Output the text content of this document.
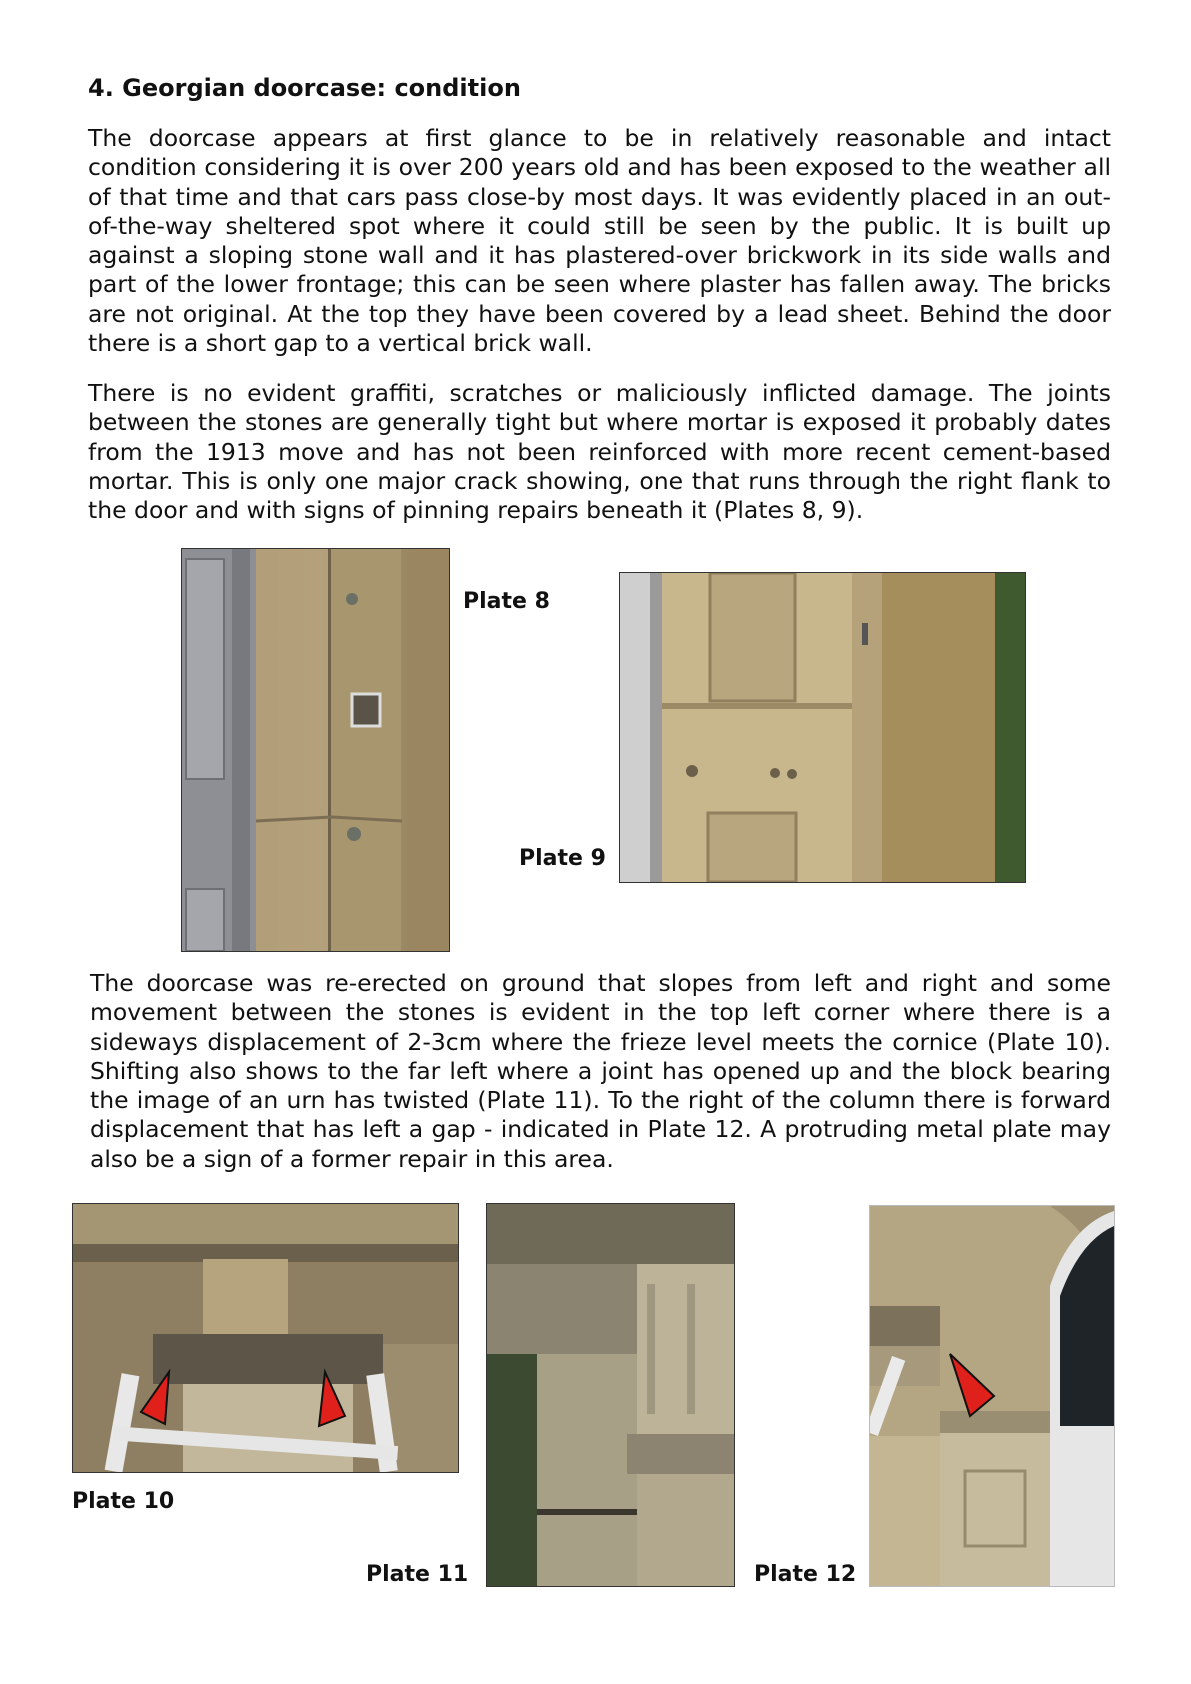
4. Georgian doorcase: condition

The doorcase appears at first glance to be in relatively reasonable and intact condition considering it is over 200 years old and has been exposed to the weather all of that time and that cars pass close-by most days. It was evidently placed in an out-of-the-way sheltered spot where it could still be seen by the public. It is built up against a sloping stone wall and it has plastered-over brickwork in its side walls and part of the lower frontage; this can be seen where plaster has fallen away. The bricks are not original. At the top they have been covered by a lead sheet. Behind the door there is a short gap to a vertical brick wall.

There is no evident graffiti, scratches or maliciously inflicted damage. The joints between the stones are generally tight but where mortar is exposed it probably dates from the 1913 move and has not been reinforced with more recent cement-based mortar. This is only one major crack showing, one that runs through the right flank to the door and with signs of pinning repairs beneath it (Plates 8, 9).

Plate 8

Plate 9

The doorcase was re-erected on ground that slopes from left and right and some movement between the stones is evident in the top left corner where there is a sideways displacement of 2-3cm where the frieze level meets the cornice (Plate 10). Shifting also shows to the far left where a joint has opened up and the block bearing the image of an urn has twisted (Plate 11). To the right of the column there is forward displacement that has left a gap - indicated in Plate 12. A protruding metal plate may also be a sign of a former repair in this area.

Plate 10

Plate 11	Plate 12
